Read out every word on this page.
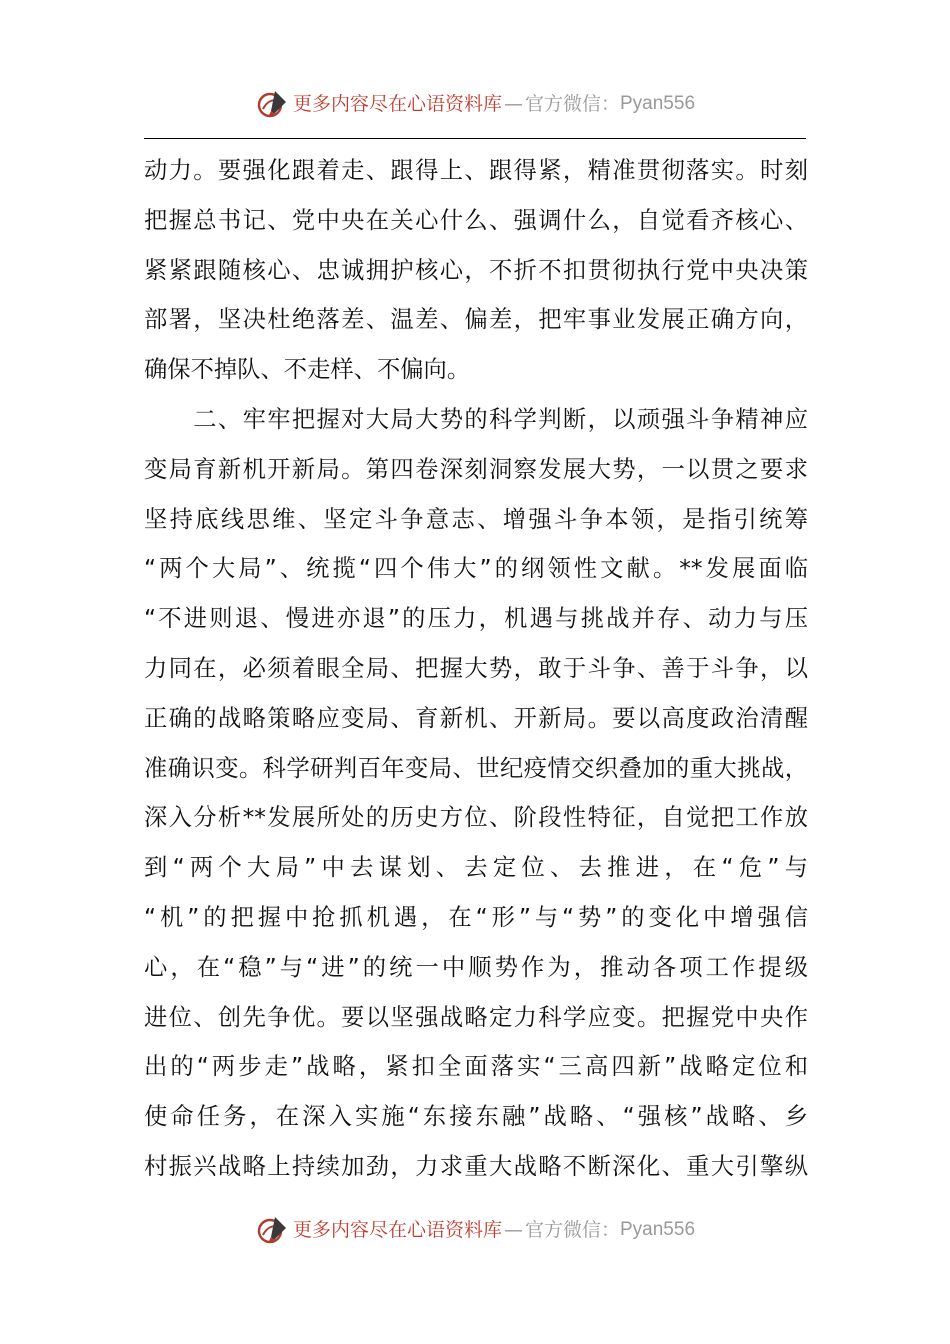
更多内容尽在心语资料库 — 官方微信： Pyan556
动力。要强化跟着走、跟得上、跟得紧，精准贯彻落实。时刻
把握总书记、党中央在关心什么、强调什么，自觉看齐核心、
紧紧跟随核心、忠诚拥护核心，不折不扣贯彻执行党中央决策
部署，坚决杜绝落差、温差、偏差，把牢事业发展正确方向，
确保不掉队、不走样、不偏向。
　　二、牢牢把握对大局大势的科学判断，以顽强斗争精神应
变局育新机开新局。第四卷深刻洞察发展大势，一以贯之要求
坚持底线思维、坚定斗争意志、增强斗争本领，是指引统筹
“两个大局”、统揽“四个伟大”的纲领性文献。**发展面临
“不进则退、慢进亦退”的压力，机遇与挑战并存、动力与压
力同在，必须着眼全局、把握大势，敢于斗争、善于斗争，以
正确的战略策略应变局、育新机、开新局。要以高度政治清醒
准确识变。科学研判百年变局、世纪疫情交织叠加的重大挑战，
深入分析**发展所处的历史方位、阶段性特征，自觉把工作放
到“两个大局”中去谋划、去定位、去推进，在“危”与
“机”的把握中抢抓机遇，在“形”与“势”的变化中增强信
心，在“稳”与“进”的统一中顺势作为，推动各项工作提级
进位、创先争优。要以坚强战略定力科学应变。把握党中央作
出的“两步走”战略，紧扣全面落实“三高四新”战略定位和
使命任务，在深入实施“东接东融”战略、“强核”战略、乡
村振兴战略上持续加劲，力求重大战略不断深化、重大引擎纵
更多内容尽在心语资料库 — 官方微信： Pyan556
